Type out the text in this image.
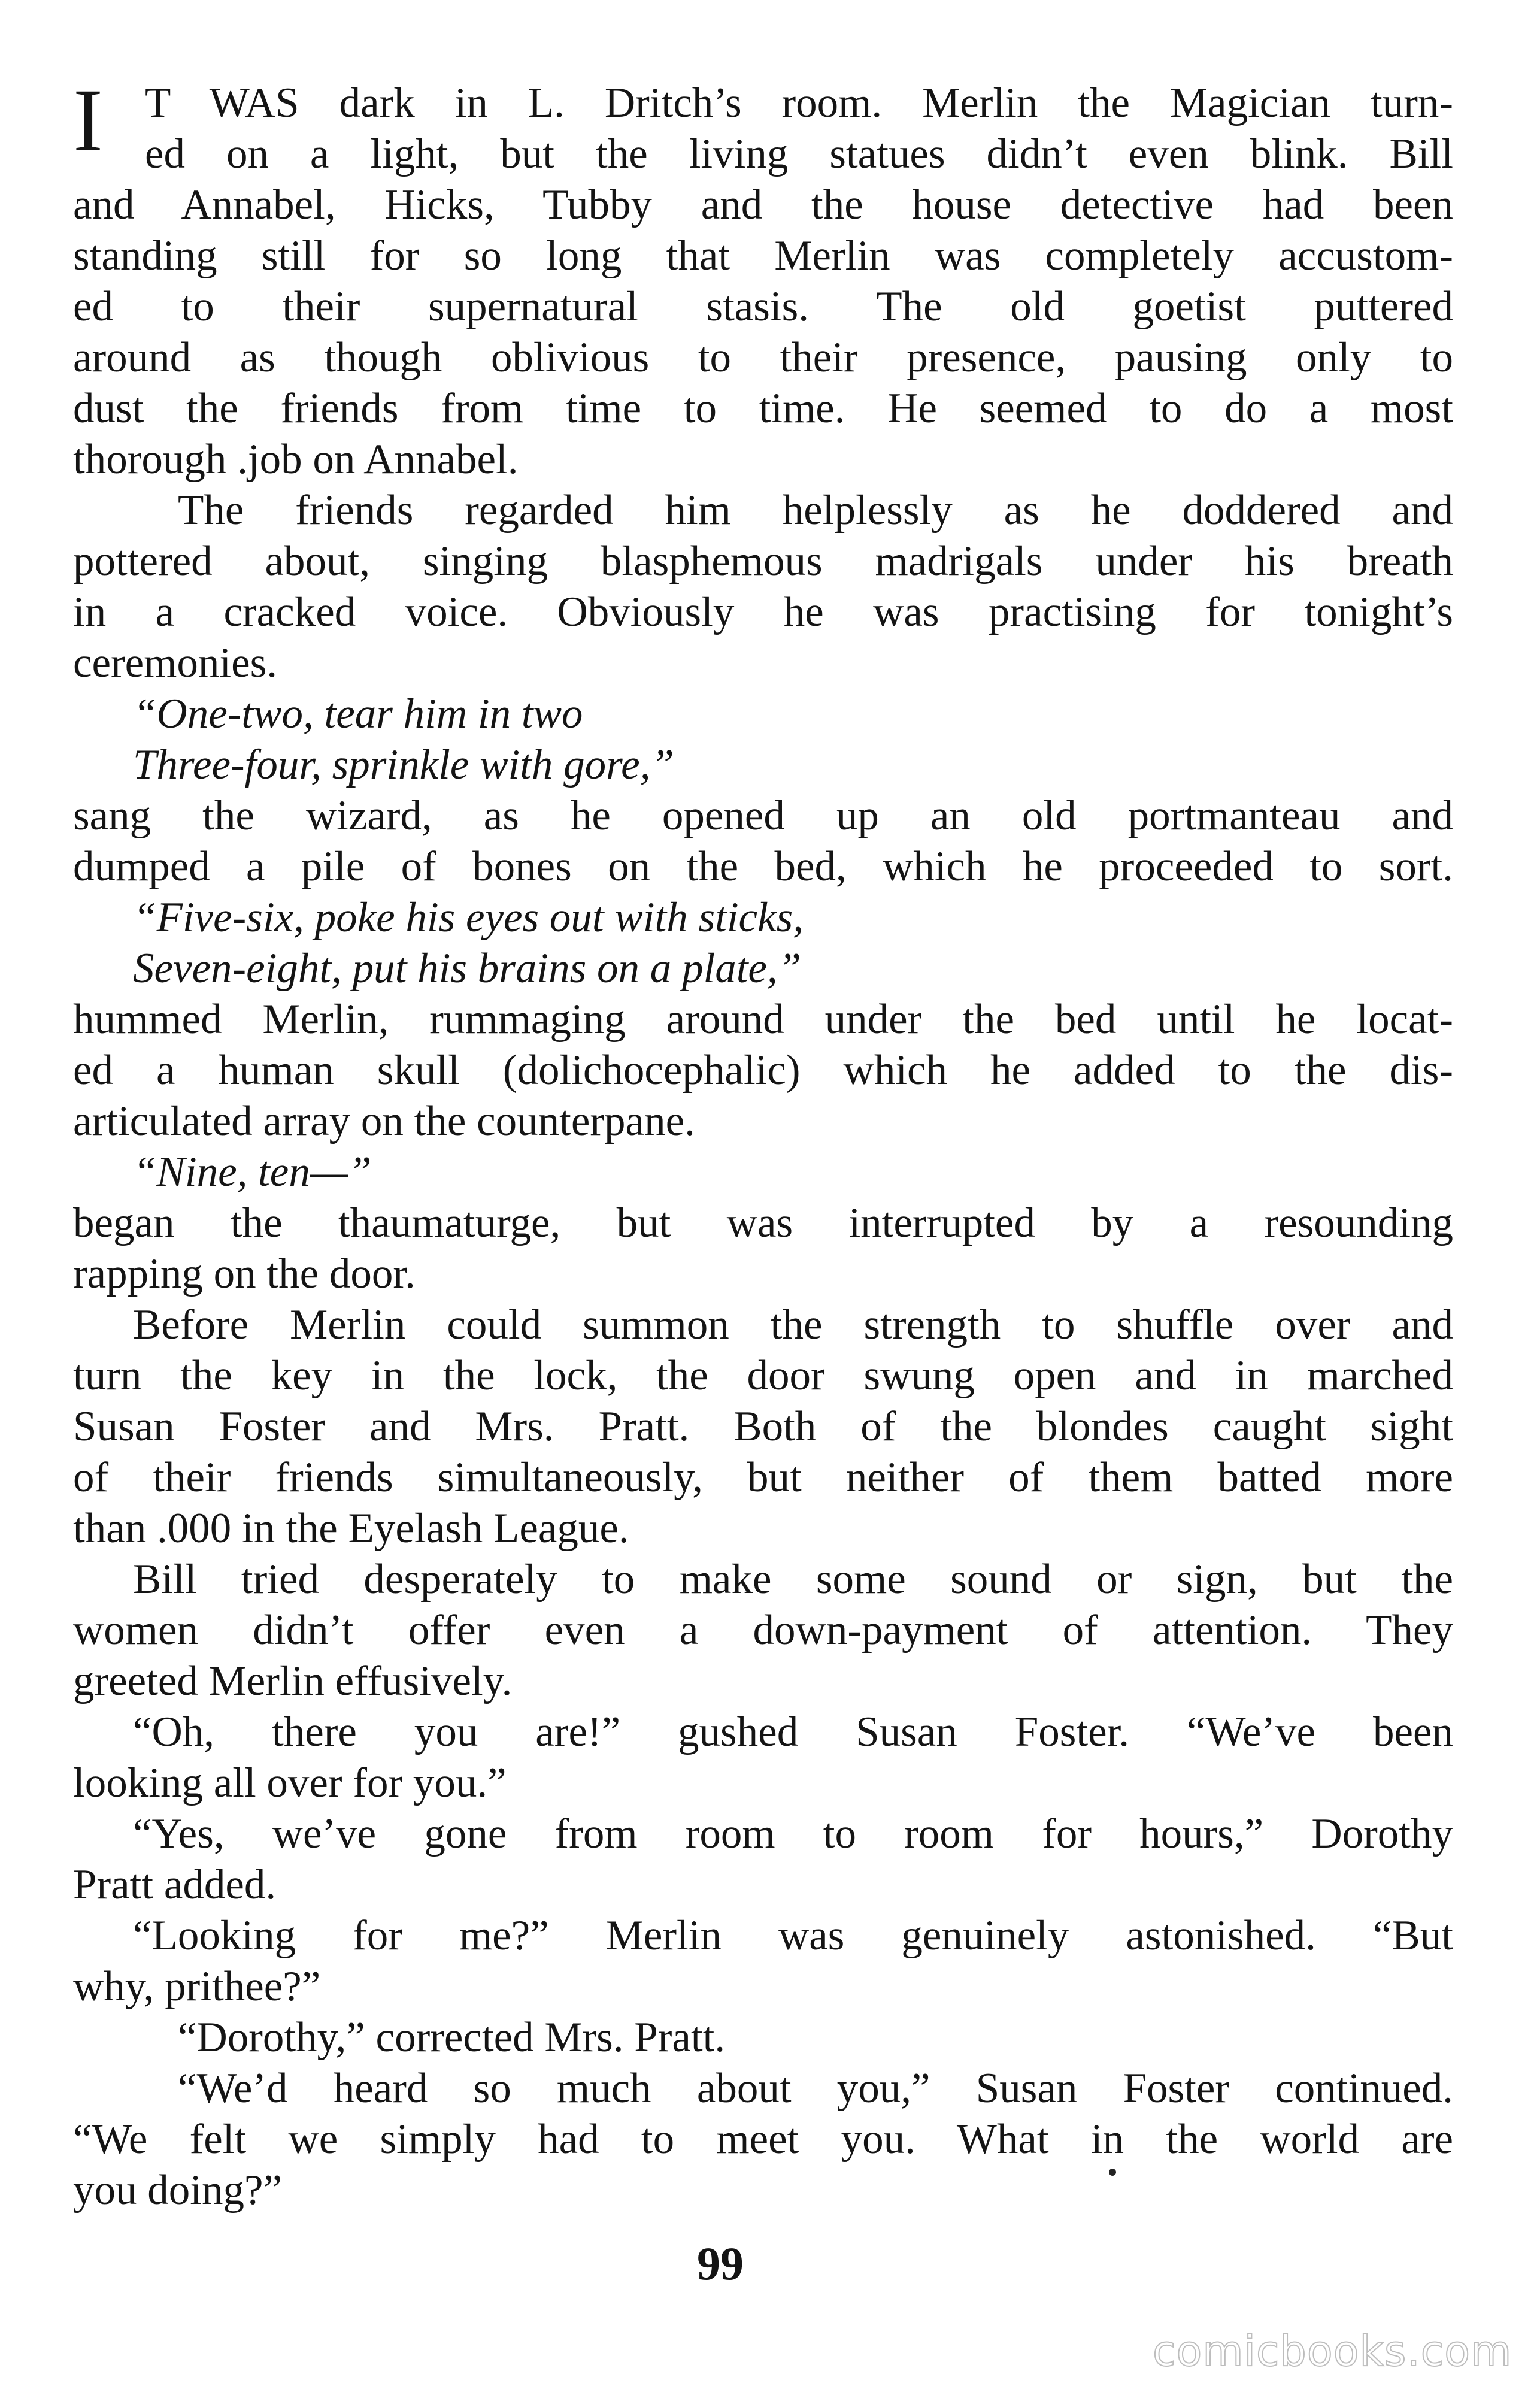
I T WAS dark in L. Dritch’s room. Merlin the Magician turn-
ed on a light, but the living statues didn’t even blink. Bill
and Annabel, Hicks, Tubby and the house detective had been
standing still for so long that Merlin was completely accustom-
ed to their supernatural stasis. The old goetist puttered
around as though oblivious to their presence, pausing only to
dust the friends from time to time. He seemed to do a most
thorough .job on Annabel.
The friends regarded him helplessly as he doddered and
pottered about, singing blasphemous madrigals under his breath
in a cracked voice. Obviously he was practising for tonight’s
ceremonies.
“One-two, tear him in two
Three-four, sprinkle with gore,”
sang the wizard, as he opened up an old portmanteau and
dumped a pile of bones on the bed, which he proceeded to sort.
“Five-six, poke his eyes out with sticks,
Seven-eight, put his brains on a plate,”
hummed Merlin, rummaging around under the bed until he locat-
ed a human skull (dolichocephalic) which he added to the dis-
articulated array on the counterpane.
“Nine, ten—”
began the thaumaturge, but was interrupted by a resounding
rapping on the door.
Before Merlin could summon the strength to shuffle over and
turn the key in the lock, the door swung open and in marched
Susan Foster and Mrs. Pratt. Both of the blondes caught sight
of their friends simultaneously, but neither of them batted more
than .000 in the Eyelash League.
Bill tried desperately to make some sound or sign, but the
women didn’t offer even a down-payment of attention. They
greeted Merlin effusively.
“Oh, there you are!” gushed Susan Foster. “We’ve been
looking all over for you.”
“Yes, we’ve gone from room to room for hours,” Dorothy
Pratt added.
“Looking for me?” Merlin was genuinely astonished. “But
why, prithee?”
“Dorothy,” corrected Mrs. Pratt.
“We’d heard so much about you,” Susan Foster continued.
“We felt we simply had to meet you. What in the world are
you doing?”
99
comicbooks.com
